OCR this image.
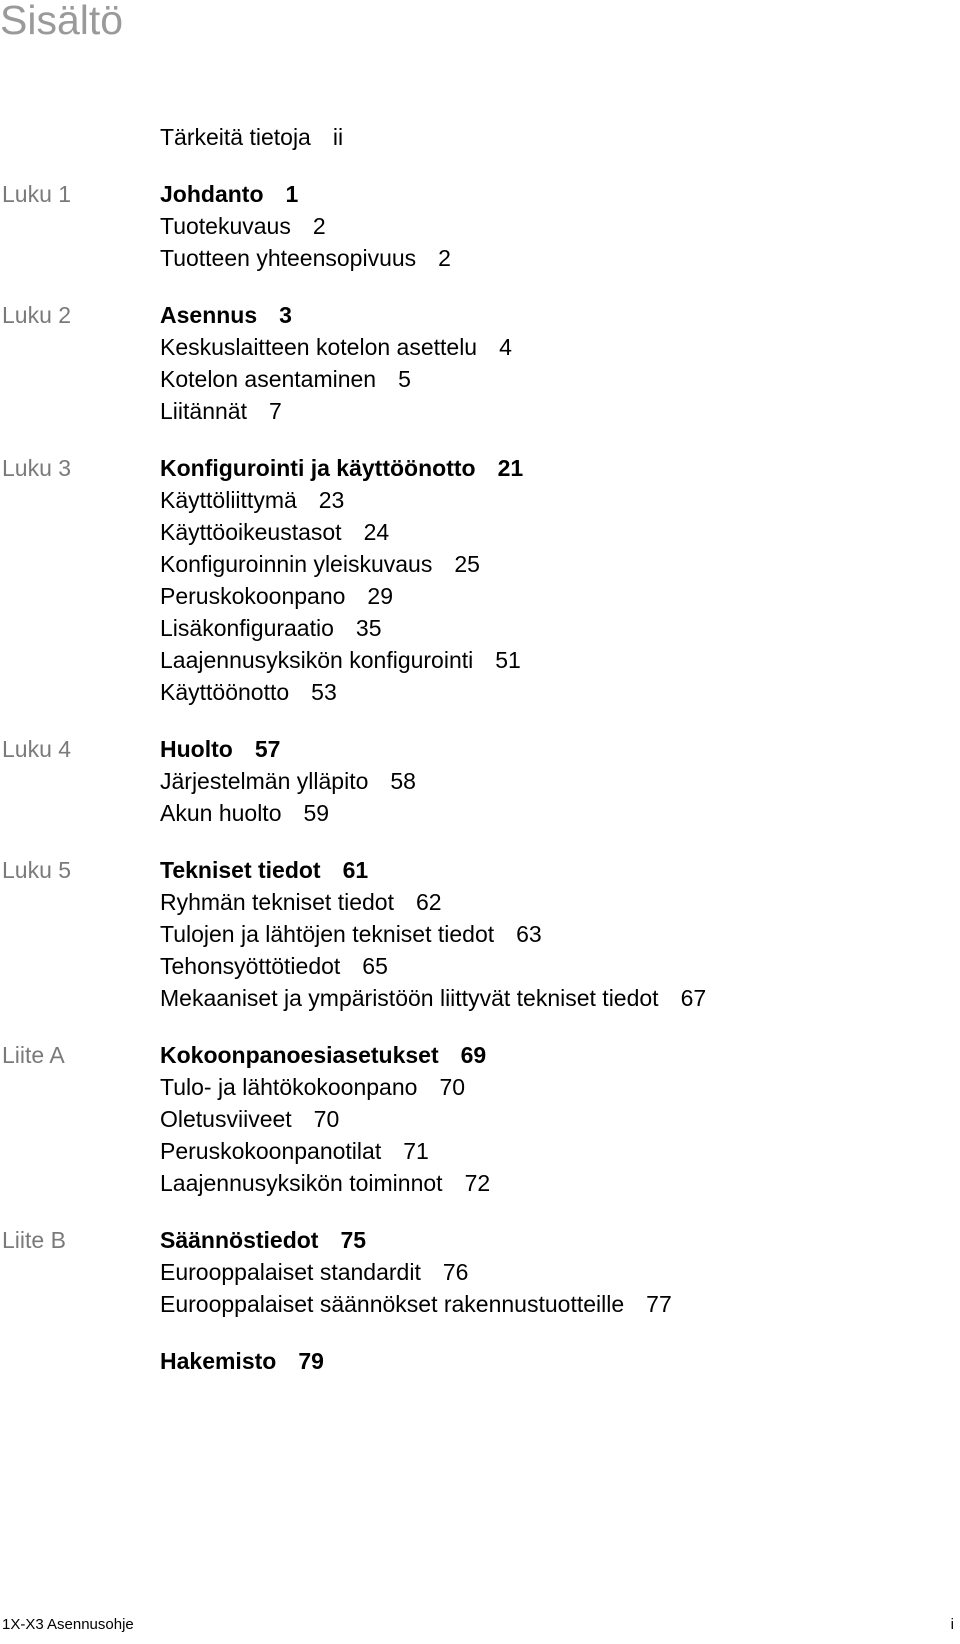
Sisältö
Tärkeitä tietoja ii
Luku 1	Johdanto 1
Tuotekuvaus 2
Tuotteen yhteensopivuus 2
Luku 2	Asennus 3
Keskuslaitteen kotelon asettelu 4
Kotelon asentaminen 5
Liitännät 7
Luku 3	Konfigurointi ja käyttöönotto 21
Käyttöliittymä 23
Käyttöoikeustasot 24
Konfiguroinnin yleiskuvaus 25
Peruskokoonpano 29
Lisäkonfiguraatio 35
Laajennusyksikön konfigurointi 51
Käyttöönotto 53
Luku 4	Huolto 57
Järjestelmän ylläpito 58
Akun huolto 59
Luku 5	Tekniset tiedot 61
Ryhmän tekniset tiedot 62
Tulojen ja lähtöjen tekniset tiedot 63
Tehonsyöttötiedot 65
Mekaaniset ja ympäristöön liittyvät tekniset tiedot 67
Liite A	Kokoonpanoesiasetukset 69
Tulo- ja lähtökokoonpano 70
Oletusviiveet 70
Peruskokoonpanotilat 71
Laajennusyksikön toiminnot 72
Liite B	Säännöstiedot 75
Eurooppalaiset standardit 76
Eurooppalaiset säännökset rakennustuotteille 77
Hakemisto 79
1X-X3 Asennusohje	i
